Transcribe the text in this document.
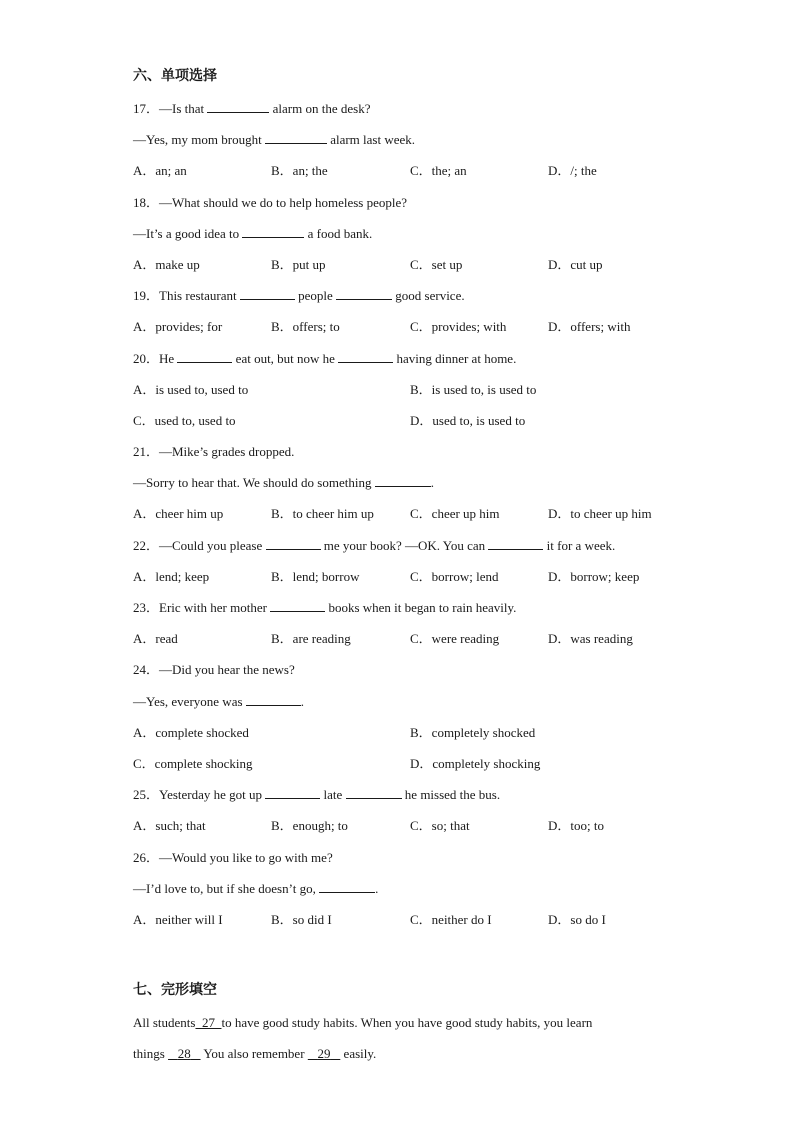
六、单项选择
17．—Is that	alarm on the desk?
—Yes, my mom brought	alarm last week.
A．an; an	B．an; the	C．the; an	D．/; the
18．—What should we do to help homeless people?
—It’s a good idea to	a food bank.
A．make up	B．put up	C．set up	D．cut up
19．This restaurant	people	good service.
A．provides; for	B．offers; to	C．provides; with	D．offers; with
20．He	eat out, but now he	having dinner at home.
A．is used to, used to	B．is used to, is used to
C．used to, used to	D．used to, is used to
21．—Mike’s grades dropped.
—Sorry to hear that. We should do something	.
A．cheer him up	B．to cheer him up	C．cheer up him	D．to cheer up him
22．—Could you please	me your book? —OK. You can	it for a week.
A．lend; keep	B．lend; borrow	C．borrow; lend	D．borrow; keep
23．Eric with her mother	books when it began to rain heavily.
A．read	B．are reading	C．were reading	D．was reading
24．—Did you hear the news?
—Yes, everyone was	.
A．complete shocked	B．completely shocked
C．complete shocking	D．completely shocking
25．Yesterday he got up	late	he missed the bus.
A．such; that	B．enough; to	C．so; that	D．too; to
26．—Would you like to go with me?
—I’d love to, but if she doesn’t go,	.
A．neither will I	B．so did I	C．neither do I	D．so do I
七、完形填空
All students 27 to have good study habits. When you have good study habits, you learn
things    28    You also remember    29    easily.
